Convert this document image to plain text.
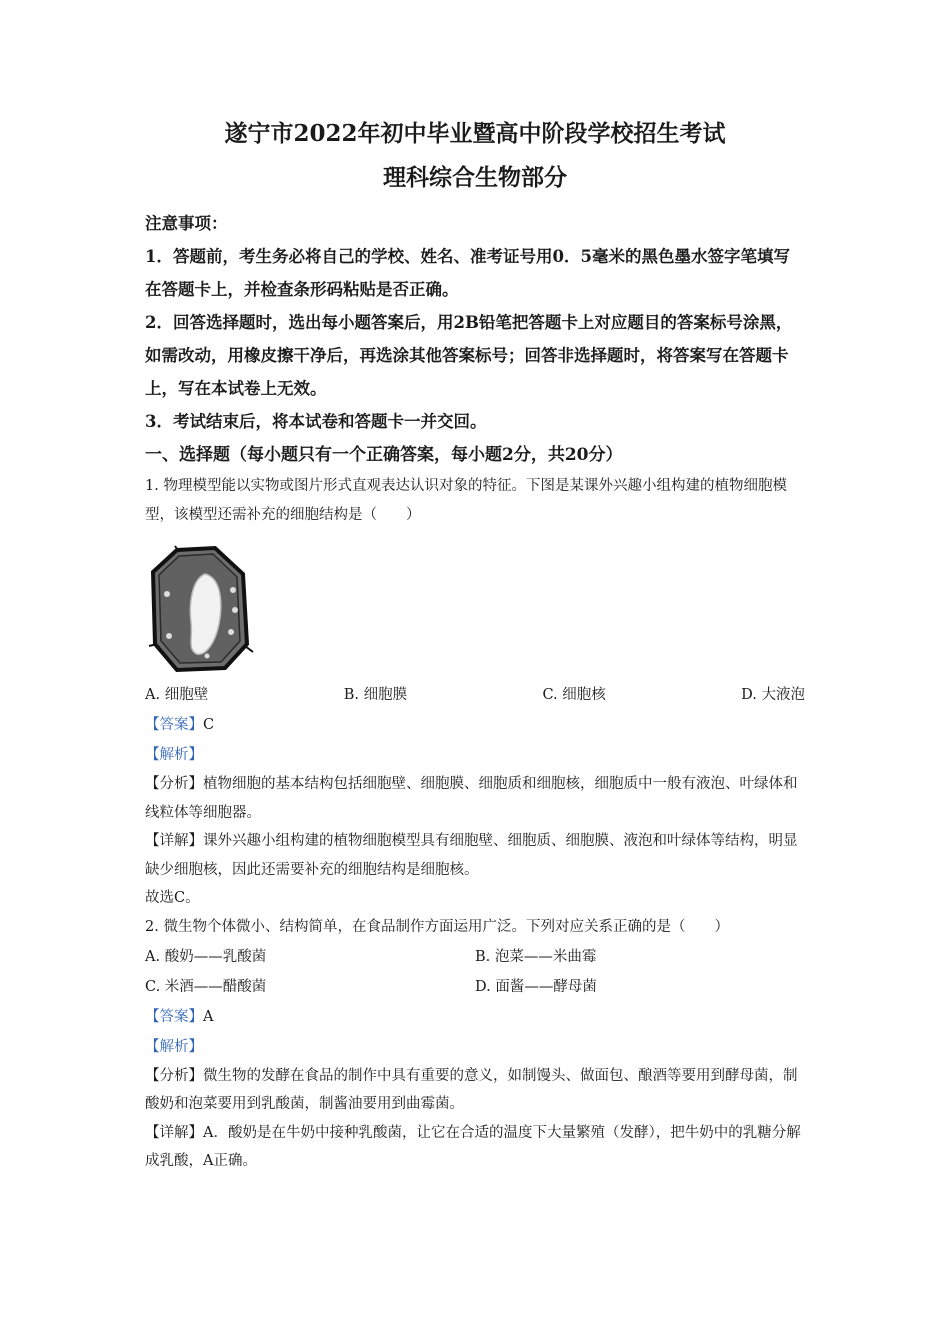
遂宁市2022年初中毕业暨高中阶段学校招生考试
理科综合生物部分
注意事项：
1．答题前，考生务必将自己的学校、姓名、准考证号用0．5毫米的黑色墨水签字笔填写在答题卡上，并检查条形码粘贴是否正确。
2．回答选择题时，选出每小题答案后，用2B铅笔把答题卡上对应题目的答案标号涂黑，如需改动，用橡皮擦干净后，再选涂其他答案标号；回答非选择题时，将答案写在答题卡上，写在本试卷上无效。
3．考试结束后，将本试卷和答题卡一并交回。
一、选择题（每小题只有一个正确答案，每小题2分，共20分）
1. 物理模型能以实物或图片形式直观表达认识对象的特征。下图是某课外兴趣小组构建的植物细胞模型，该模型还需补充的细胞结构是（　　）
A. 细胞壁	B. 细胞膜	C. 细胞核	D. 大液泡
【答案】C
【解析】
【分析】植物细胞的基本结构包括细胞壁、细胞膜、细胞质和细胞核，细胞质中一般有液泡、叶绿体和线粒体等细胞器。
【详解】课外兴趣小组构建的植物细胞模型具有细胞壁、细胞质、细胞膜、液泡和叶绿体等结构，明显缺少细胞核，因此还需要补充的细胞结构是细胞核。
故选C。
2. 微生物个体微小、结构简单，在食品制作方面运用广泛。下列对应关系正确的是（　　）
A. 酸奶——乳酸菌	B. 泡菜——米曲霉
C. 米酒——醋酸菌	D. 面酱——酵母菌
【答案】A
【解析】
【分析】微生物的发酵在食品的制作中具有重要的意义，如制馒头、做面包、酿酒等要用到酵母菌，制酸奶和泡菜要用到乳酸菌，制酱油要用到曲霉菌。
【详解】A．酸奶是在牛奶中接种乳酸菌，让它在合适的温度下大量繁殖（发酵），把牛奶中的乳糖分解成乳酸，A正确。
